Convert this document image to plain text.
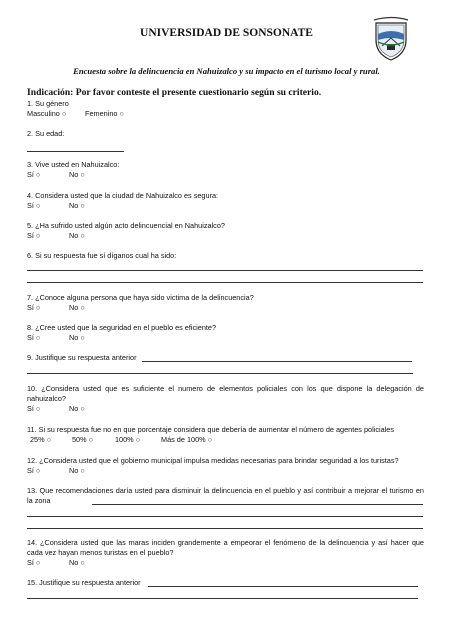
UNIVERSIDAD DE SONSONATE
Encuesta sobre la delincuencia en Nahuizalco y su impacto en el turismo local y rural.
Indicación: Por favor conteste el presente cuestionario según su criterio.
1. Su género
Masculino ○	Femenino ○
2. Su edad:
3. Vive usted en Nahuizalco:
Sí ○	No ○
4. Considera usted que la ciudad de Nahuizalco es segura:
Sí ○	No ○
5. ¿Ha sufrido usted algún acto delincuencial en Nahuizalco?
Sí ○	No ○
6. Si su respuesta fue sí díganos cual ha sido:
7. ¿Conoce alguna persona que haya sido victima de la delincuencia?
Sí ○	No ○
8. ¿Cree usted que la seguridad en el pueblo es eficiente?
Sí ○	No ○
9. Justifique su respuesta anterior
10. ¿Considera usted que es suficiente el numero de elementos policiales con los que dispone la delegación de nahuizalco?
Sí ○	No ○
11. Si su respuesta fue no en que porcentaje considera que debería de aumentar el número de agentes policiales
25% ○	50% ○	100% ○	Más de 100% ○
12. ¿Considera usted que el gobierno municipal impulsa medidas necesarias para brindar seguridad a los turistas?
Sí ○	No ○
13. Que recomendaciones daría usted para disminuir la delincuencia en el pueblo y así contribuir a mejorar el turismo en la zona
14. ¿Considera usted que las maras inciden grandemente a empeorar el fenómeno de la delincuencia y así hacer que cada vez hayan menos turistas en el pueblo?
Sí ○	No ○
15. Justifique su respuesta anterior
